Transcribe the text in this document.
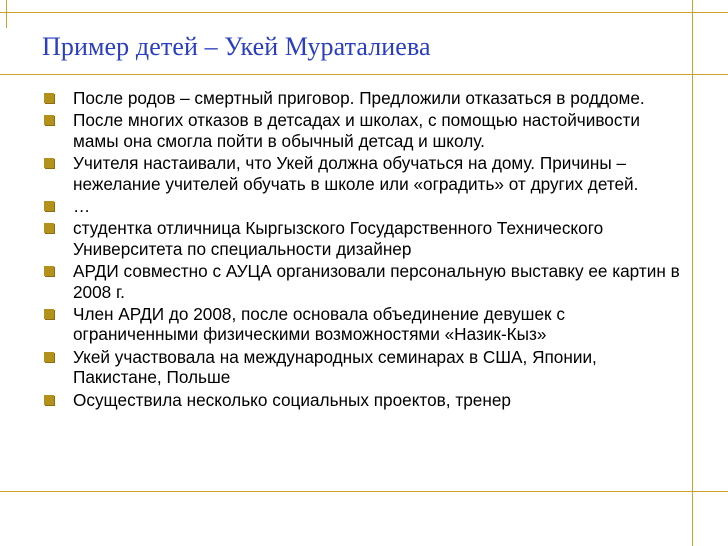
Пример детей – Укей Мураталиева
После родов – смертный приговор. Предложили отказаться в роддоме.
После многих отказов в детсадах и школах, с помощью настойчивости мамы она смогла пойти в обычный детсад и школу.
Учителя настаивали, что Укей должна обучаться на дому. Причины – нежелание учителей обучать в школе или «оградить» от других детей.
…
студентка отличница Кыргызского Государственного Технического Университета по специальности дизайнер
АРДИ совместно с АУЦА организовали персональную выставку ее картин в 2008 г.
Член АРДИ до 2008, после основала объединение девушек с ограниченными физическими возможностями «Назик-Кыз»
Укей участвовала на международных семинарах в США, Японии, Пакистане, Польше
Осуществила несколько социальных проектов, тренер
